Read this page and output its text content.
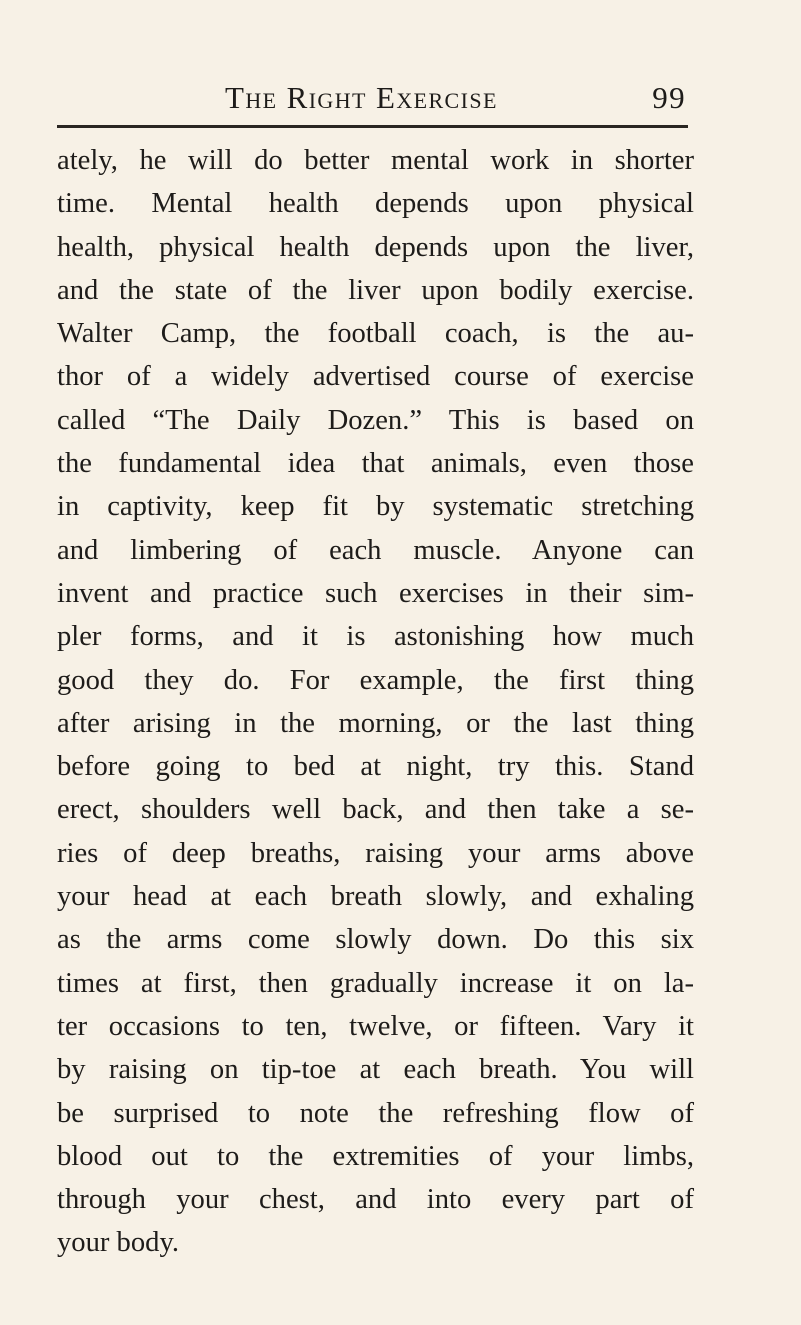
The Right Exercise	99
ately, he will do better mental work in shorter
time. Mental health depends upon physical
health, physical health depends upon the liver,
and the state of the liver upon bodily exercise.
Walter Camp, the football coach, is the au-
thor of a widely advertised course of exercise
called “The Daily Dozen.” This is based on
the fundamental idea that animals, even those
in captivity, keep fit by systematic stretching
and limbering of each muscle. Anyone can
invent and practice such exercises in their sim-
pler forms, and it is astonishing how much
good they do. For example, the first thing
after arising in the morning, or the last thing
before going to bed at night, try this. Stand
erect, shoulders well back, and then take a se-
ries of deep breaths, raising your arms above
your head at each breath slowly, and exhaling
as the arms come slowly down. Do this six
times at first, then gradually increase it on la-
ter occasions to ten, twelve, or fifteen. Vary it
by raising on tip-toe at each breath. You will
be surprised to note the refreshing flow of
blood out to the extremities of your limbs,
through your chest, and into every part of
your body.
